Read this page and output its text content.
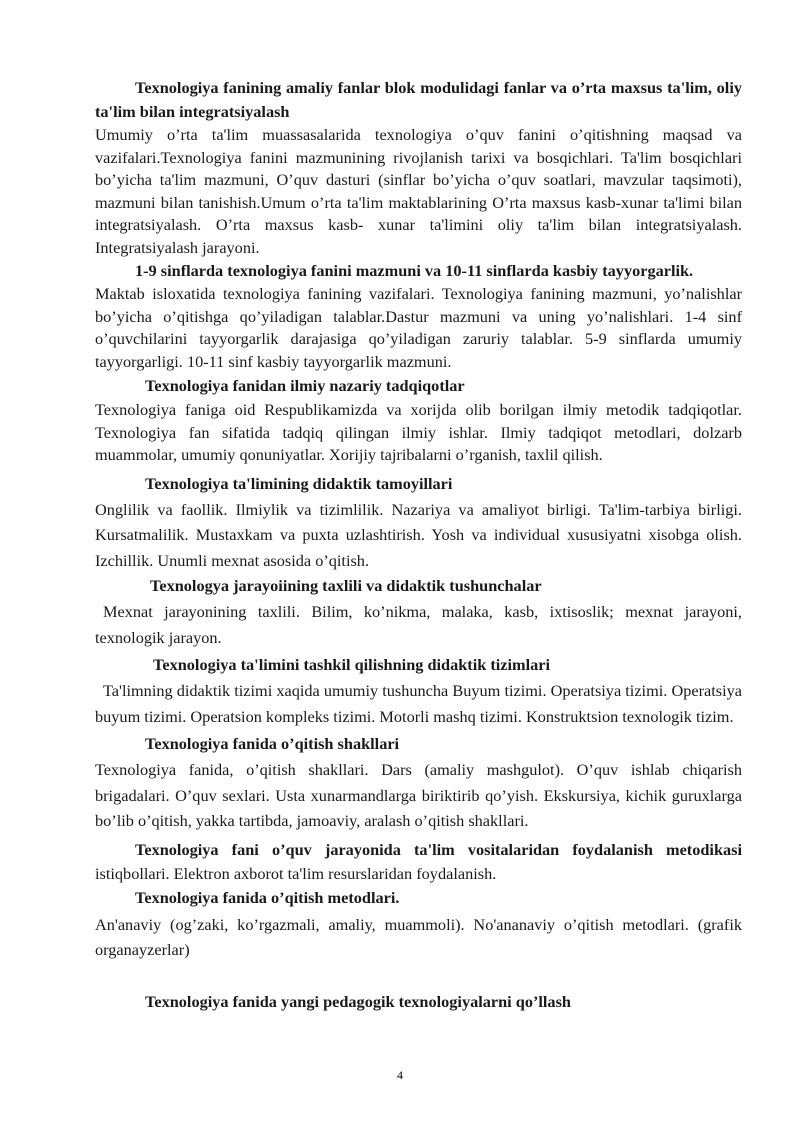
Texnologiya fanining amaliy fanlar blok modulidagi fanlar va o’rta maxsus ta'lim, oliy ta'lim bilan integratsiyalash

Umumiy o’rta ta'lim muassasalarida texnologiya o’quv fanini o’qitishning maqsad va vazifalari.Texnologiya fanini mazmunining rivojlanish tarixi va bosqichlari. Ta'lim bosqichlari bo’yicha ta'lim mazmuni, O’quv dasturi (sinflar bo’yicha o’quv soatlari, mavzular taqsimoti), mazmuni bilan tanishish.Umum o’rta ta'lim maktablarining O’rta maxsus kasb-xunar ta'limi bilan integratsiyalash. O’rta maxsus kasb- xunar ta'limini oliy ta'lim bilan integratsiyalash. Integratsiyalash jarayoni.

1-9 sinflarda texnologiya fanini mazmuni va 10-11 sinflarda kasbiy tayyorgarlik.

Maktab isloxatida texnologiya fanining vazifalari. Texnologiya fanining mazmuni, yo’nalishlar bo’yicha o’qitishga qo’yiladigan talablar.Dastur mazmuni va uning yo’nalishlari. 1-4 sinf o’quvchilarini tayyorgarlik darajasiga qo’yiladigan zaruriy talablar. 5-9 sinflarda umumiy tayyorgarligi. 10-11 sinf kasbiy tayyorgarlik mazmuni.

Texnologiya fanidan ilmiy nazariy tadqiqotlar

Texnologiya faniga oid Respublikamizda va xorijda olib borilgan ilmiy metodik tadqiqotlar. Texnologiya fan sifatida tadqiq qilingan ilmiy ishlar. Ilmiy tadqiqot metodlari, dolzarb muammolar, umumiy qonuniyatlar. Xorijiy tajribalarni o’rganish, taxlil qilish.

Texnologiya ta'limining didaktik tamoyillari

Onglilik va faollik. Ilmiylik va tizimlilik. Nazariya va amaliyot birligi. Ta'lim-tarbiya birligi. Kursatmalilik. Mustaxkam va puxta uzlashtirish. Yosh va individual xususiyatni xisobga olish. Izchillik. Unumli mexnat asosida o’qitish.

Texnologya jarayoiining taxlili va didaktik tushunchalar

Mexnat jarayonining taxlili. Bilim, ko’nikma, malaka, kasb, ixtisoslik; mexnat jarayoni, texnologik jarayon.

Texnologiya ta'limini tashkil qilishning didaktik tizimlari

Ta'limning didaktik tizimi xaqida umumiy tushuncha Buyum tizimi. Operatsiya tizimi. Operatsiya buyum tizimi. Operatsion kompleks tizimi. Motorli mashq tizimi. Konstruktsion texnologik tizim.

Texnologiya fanida o’qitish shakllari

Texnologiya fanida, o’qitish shakllari. Dars (amaliy mashgulot). O’quv ishlab chiqarish brigadalari. O’quv sexlari. Usta xunarmandlarga biriktirib qo’yish. Ekskursiya, kichik guruxlarga bo’lib o’qitish, yakka tartibda, jamoaviy, aralash o’qitish shakllari.

Texnologiya fani o’quv jarayonida ta'lim vositalaridan foydalanish metodikasi istiqbollari. Elektron axborot ta'lim resurslaridan foydalanish.

Texnologiya fanida o’qitish metodlari.

An'anaviy (og’zaki, ko’rgazmali, amaliy, muammoli). No'ananaviy o’qitish metodlari. (grafik organayzerlar)

Texnologiya fanida yangi pedagogik texnologiyalarni qo’llash

4
